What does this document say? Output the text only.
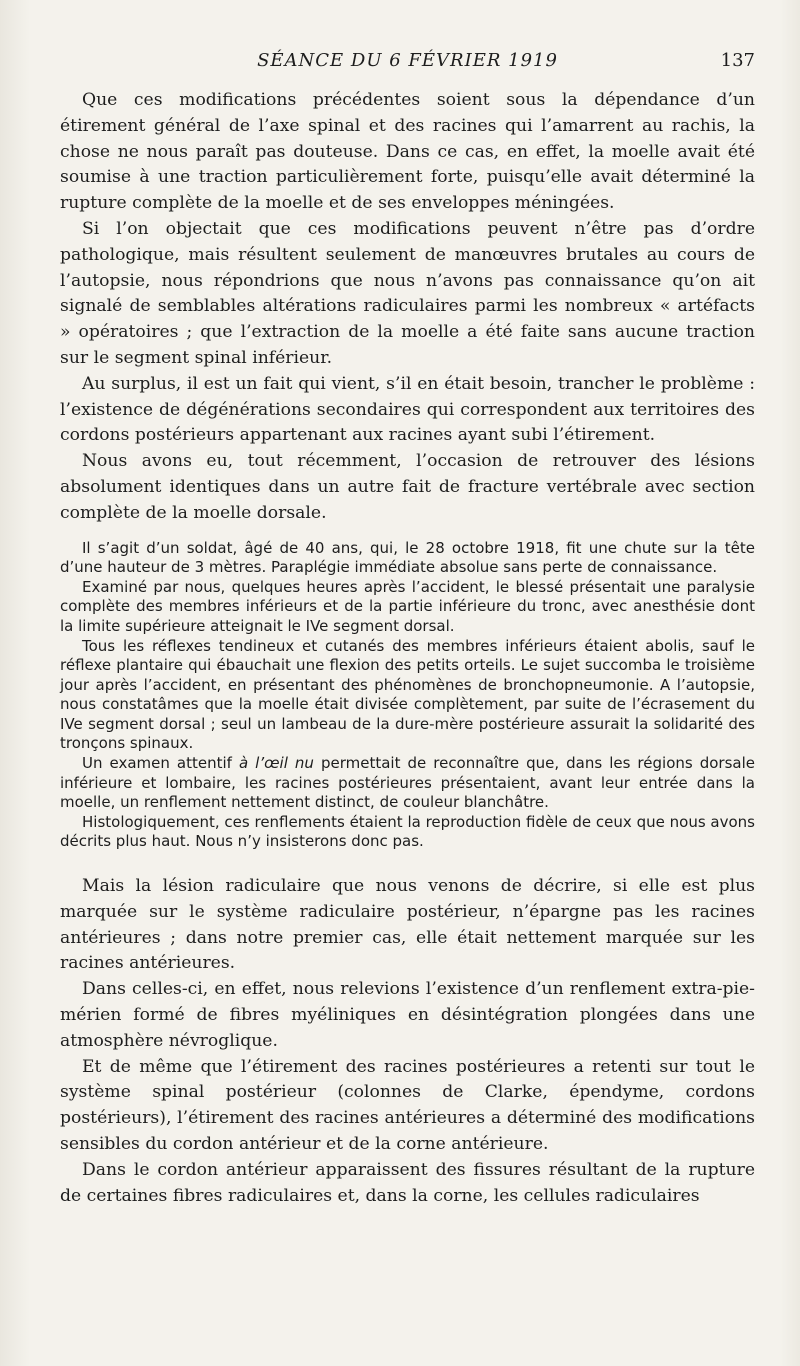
SÉANCE DU 6 FÉVRIER 1919	137

Que ces modifications précédentes soient sous la dépendance d’un étirement général de l’axe spinal et des racines qui l’amarrent au rachis, la chose ne nous paraît pas douteuse. Dans ce cas, en effet, la moelle avait été soumise à une traction particulièrement forte, puisqu’elle avait déterminé la rupture complète de la moelle et de ses enveloppes méningées.

Si l’on objectait que ces modifications peuvent n’être pas d’ordre pathologique, mais résultent seulement de manœuvres brutales au cours de l’autopsie, nous répondrions que nous n’avons pas connaissance qu’on ait signalé de semblables altérations radiculaires parmi les nombreux « artéfacts » opératoires ; que l’extraction de la moelle a été faite sans aucune traction sur le segment spinal inférieur.

Au surplus, il est un fait qui vient, s’il en était besoin, trancher le problème : l’existence de dégénérations secondaires qui correspondent aux territoires des cordons postérieurs appartenant aux racines ayant subi l’étirement.

Nous avons eu, tout récemment, l’occasion de retrouver des lésions absolument identiques dans un autre fait de fracture vertébrale avec section complète de la moelle dorsale.

Il s’agit d’un soldat, âgé de 40 ans, qui, le 28 octobre 1918, fit une chute sur la tête d’une hauteur de 3 mètres. Paraplégie immédiate absolue sans perte de connaissance.

Examiné par nous, quelques heures après l’accident, le blessé présentait une paralysie complète des membres inférieurs et de la partie inférieure du tronc, avec anesthésie dont la limite supérieure atteignait le IVe segment dorsal.

Tous les réflexes tendineux et cutanés des membres inférieurs étaient abolis, sauf le réflexe plantaire qui ébauchait une flexion des petits orteils. Le sujet succomba le troisième jour après l’accident, en présentant des phénomènes de bronchopneumonie. A l’autopsie, nous constatâmes que la moelle était divisée complètement, par suite de l’écrasement du IVe segment dorsal ; seul un lambeau de la dure-mère postérieure assurait la solidarité des tronçons spinaux.

Un examen attentif à l’œil nu permettait de reconnaître que, dans les régions dorsale inférieure et lombaire, les racines postérieures présentaient, avant leur entrée dans la moelle, un renflement nettement distinct, de couleur blanchâtre.

Histologiquement, ces renflements étaient la reproduction fidèle de ceux que nous avons décrits plus haut. Nous n’y insisterons donc pas.

Mais la lésion radiculaire que nous venons de décrire, si elle est plus marquée sur le système radiculaire postérieur, n’épargne pas les racines antérieures ; dans notre premier cas, elle était nettement marquée sur les racines antérieures.

Dans celles-ci, en effet, nous relevions l’existence d’un renflement extra-pie-mérien formé de fibres myéliniques en désintégration plongées dans une atmosphère névroglique.

Et de même que l’étirement des racines postérieures a retenti sur tout le système spinal postérieur (colonnes de Clarke, épendyme, cordons postérieurs), l’étirement des racines antérieures a déterminé des modifications sensibles du cordon antérieur et de la corne antérieure.

Dans le cordon antérieur apparaissent des fissures résultant de la rupture de certaines fibres radiculaires et, dans la corne, les cellules radiculaires
